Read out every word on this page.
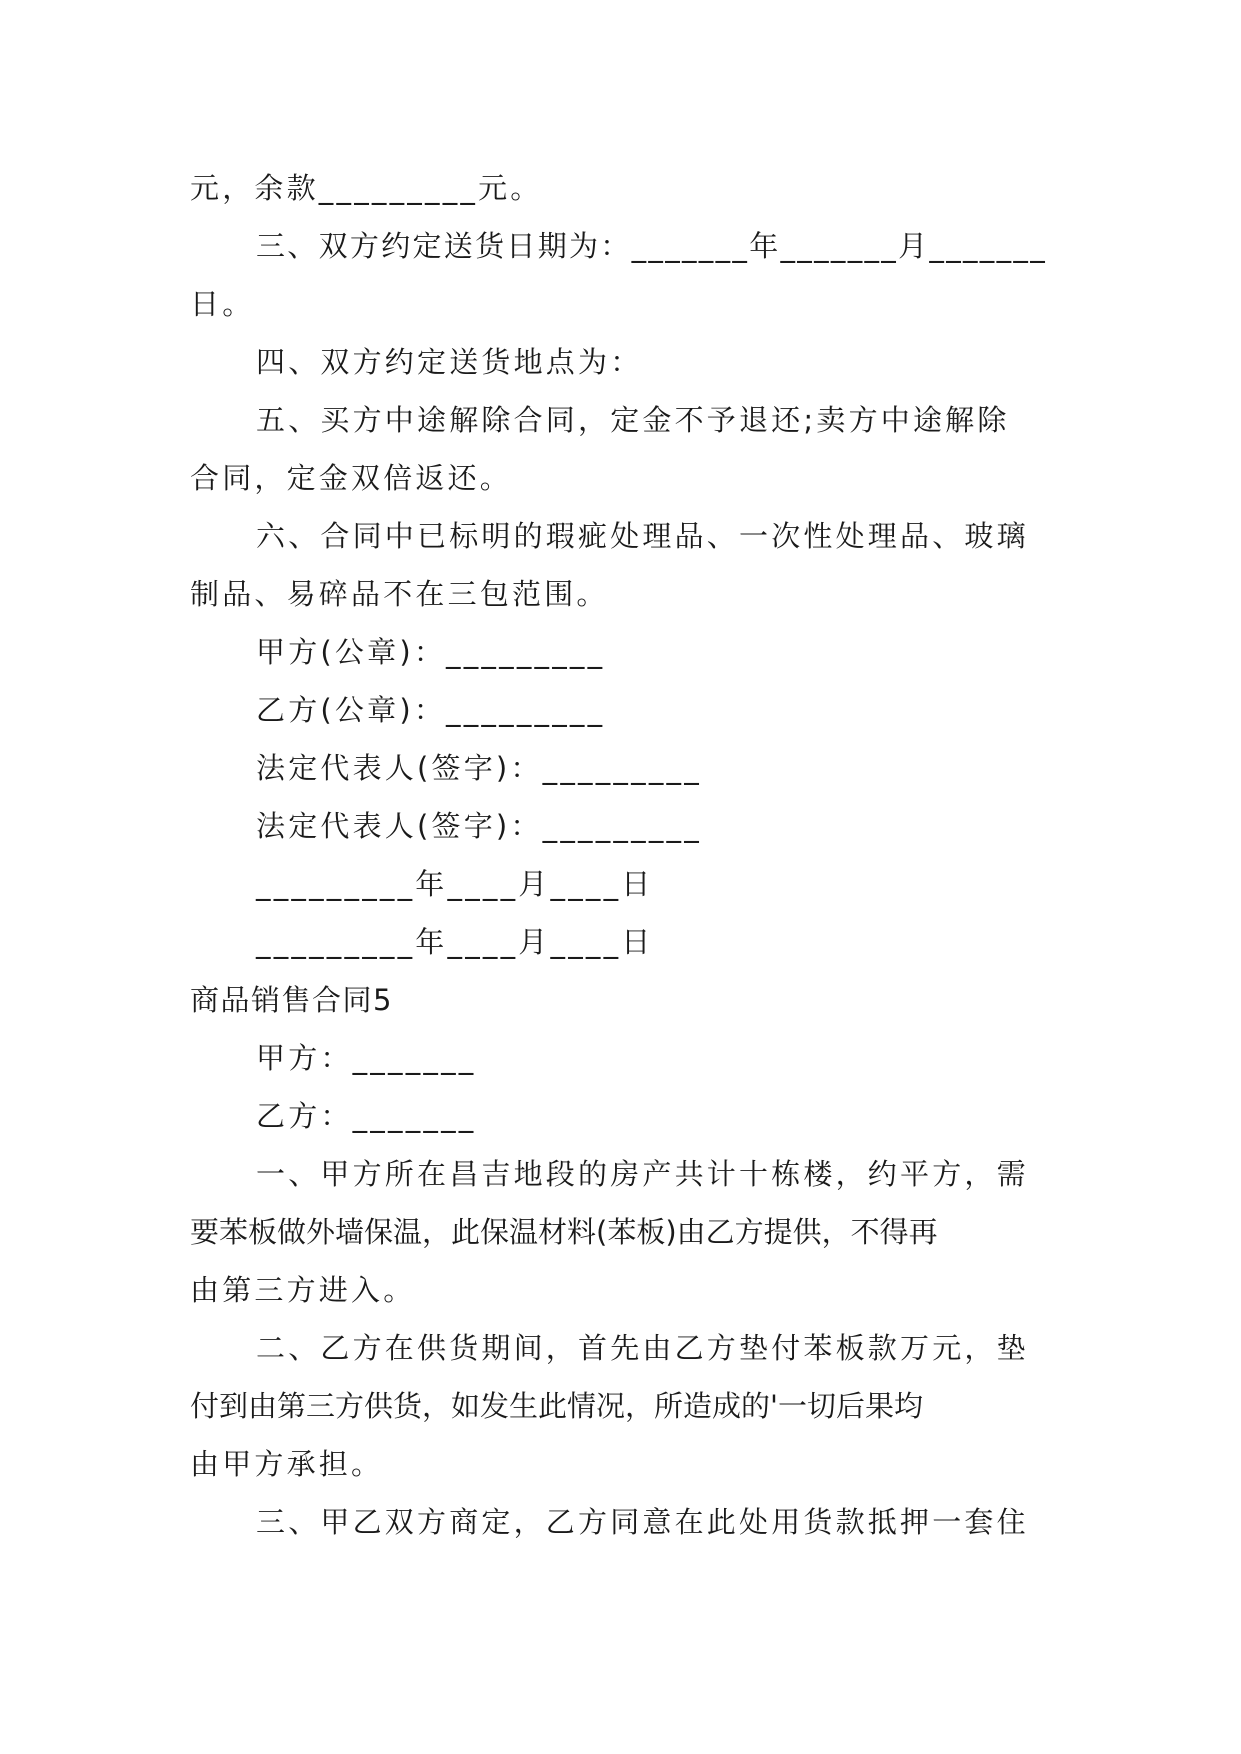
元，余款_________元。
三、双方约定送货日期为：_______年_______月_______
日。
四、双方约定送货地点为：
五、买方中途解除合同，定金不予退还;卖方中途解除
合同，定金双倍返还。
六、合同中已标明的瑕疵处理品、一次性处理品、玻璃
制品、易碎品不在三包范围。
甲方(公章)：_________
乙方(公章)：_________
法定代表人(签字)：_________
法定代表人(签字)：_________
_________年____月____日
_________年____月____日
商品销售合同5
甲方：_______
乙方：_______
一、甲方所在昌吉地段的房产共计十栋楼，约平方，需
要苯板做外墙保温，此保温材料(苯板)由乙方提供，不得再
由第三方进入。
二、乙方在供货期间，首先由乙方垫付苯板款万元，垫
付到由第三方供货，如发生此情况，所造成的'一切后果均
由甲方承担。
三、甲乙双方商定，乙方同意在此处用货款抵押一套住
